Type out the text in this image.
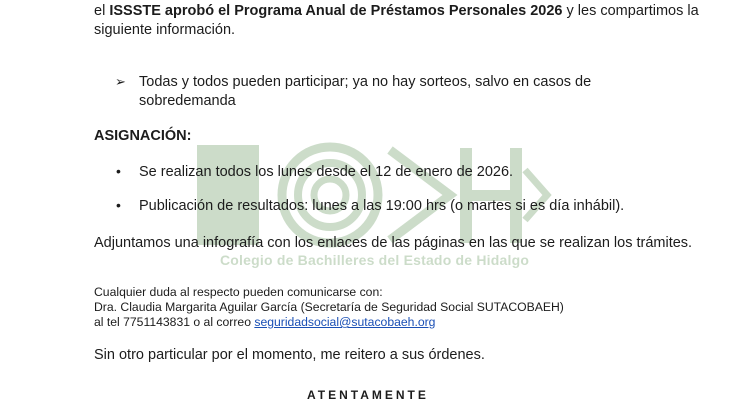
Colegio de Bachilleres del Estado de Hidalgo
el ISSSTE aprobó el Programa Anual de Préstamos Personales 2026 y les compartimos la
siguiente información.
➢ Todas y todos pueden participar; ya no hay sorteos, salvo en casos de
sobredemanda
ASIGNACIÓN:
• Se realizan todos los lunes desde el 12 de enero de 2026.
• Publicación de resultados: lunes a las 19:00 hrs (o martes si es día inhábil).
Adjuntamos una infografía con los enlaces de las páginas en las que se realizan los trámites.
Cualquier duda al respecto pueden comunicarse con:
Dra. Claudia Margarita Aguilar García (Secretaría de Seguridad Social SUTACOBAEH)
al tel 7751143831 o al correo seguridadsocial@sutacobaeh.org
Sin otro particular por el momento, me reitero a sus órdenes.
ATENTAMENTE
